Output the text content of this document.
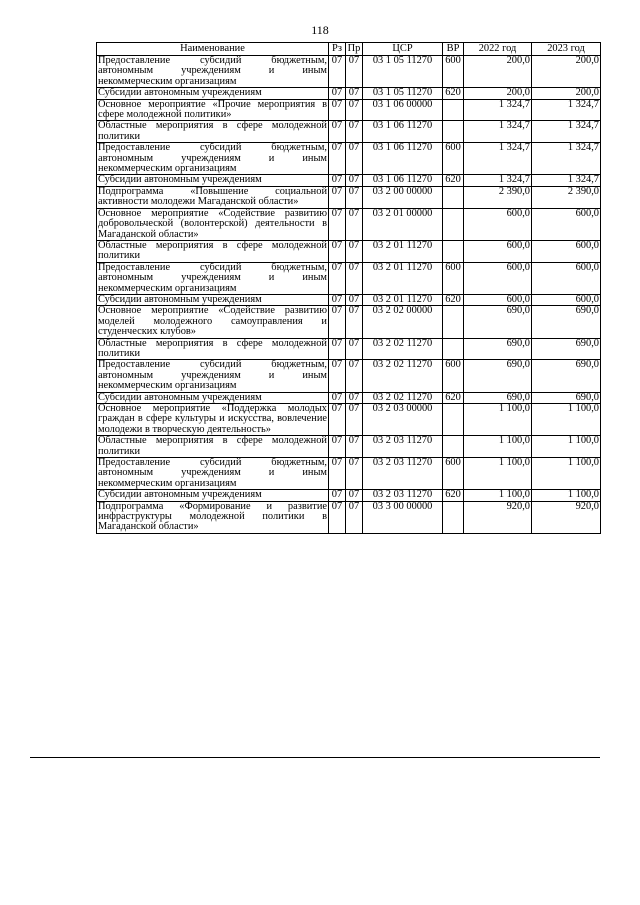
118
Наименование	Рз	Пр	ЦСР	ВР	2022 год	2023 год
Предоставление субсидий бюджетным, автономным учреждениям и иным некоммерческим организациям	07	07	03 1 05 11270	600	200,0	200,0
Субсидии автономным учреждениям	07	07	03 1 05 11270	620	200,0	200,0
Основное мероприятие «Прочие мероприятия в сфере молодежной политики»	07	07	03 1 06 00000		1 324,7	1 324,7
Областные мероприятия в сфере молодежной политики	07	07	03 1 06 11270		1 324,7	1 324,7
Предоставление субсидий бюджетным, автономным учреждениям и иным некоммерческим организациям	07	07	03 1 06 11270	600	1 324,7	1 324,7
Субсидии автономным учреждениям	07	07	03 1 06 11270	620	1 324,7	1 324,7
Подпрограмма «Повышение социальной активности молодежи Магаданской области»	07	07	03 2 00 00000		2 390,0	2 390,0
Основное мероприятие «Содействие развитию добровольческой (волонтерской) деятельности в Магаданской области»	07	07	03 2 01 00000		600,0	600,0
Областные мероприятия в сфере молодежной политики	07	07	03 2 01 11270		600,0	600,0
Предоставление субсидий бюджетным, автономным учреждениям и иным некоммерческим организациям	07	07	03 2 01 11270	600	600,0	600,0
Субсидии автономным учреждениям	07	07	03 2 01 11270	620	600,0	600,0
Основное мероприятие «Содействие развитию моделей молодежного самоуправления и студенческих клубов»	07	07	03 2 02 00000		690,0	690,0
Областные мероприятия в сфере молодежной политики	07	07	03 2 02 11270		690,0	690,0
Предоставление субсидий бюджетным, автономным учреждениям и иным некоммерческим организациям	07	07	03 2 02 11270	600	690,0	690,0
Субсидии автономным учреждениям	07	07	03 2 02 11270	620	690,0	690,0
Основное мероприятие «Поддержка молодых граждан в сфере культуры и искусства, вовлечение молодежи в творческую деятельность»	07	07	03 2 03 00000		1 100,0	1 100,0
Областные мероприятия в сфере молодежной политики	07	07	03 2 03 11270		1 100,0	1 100,0
Предоставление субсидий бюджетным, автономным учреждениям и иным некоммерческим организациям	07	07	03 2 03 11270	600	1 100,0	1 100,0
Субсидии автономным учреждениям	07	07	03 2 03 11270	620	1 100,0	1 100,0
Подпрограмма «Формирование и развитие инфраструктуры молодежной политики в Магаданской области»	07	07	03 3 00 00000		920,0	920,0
